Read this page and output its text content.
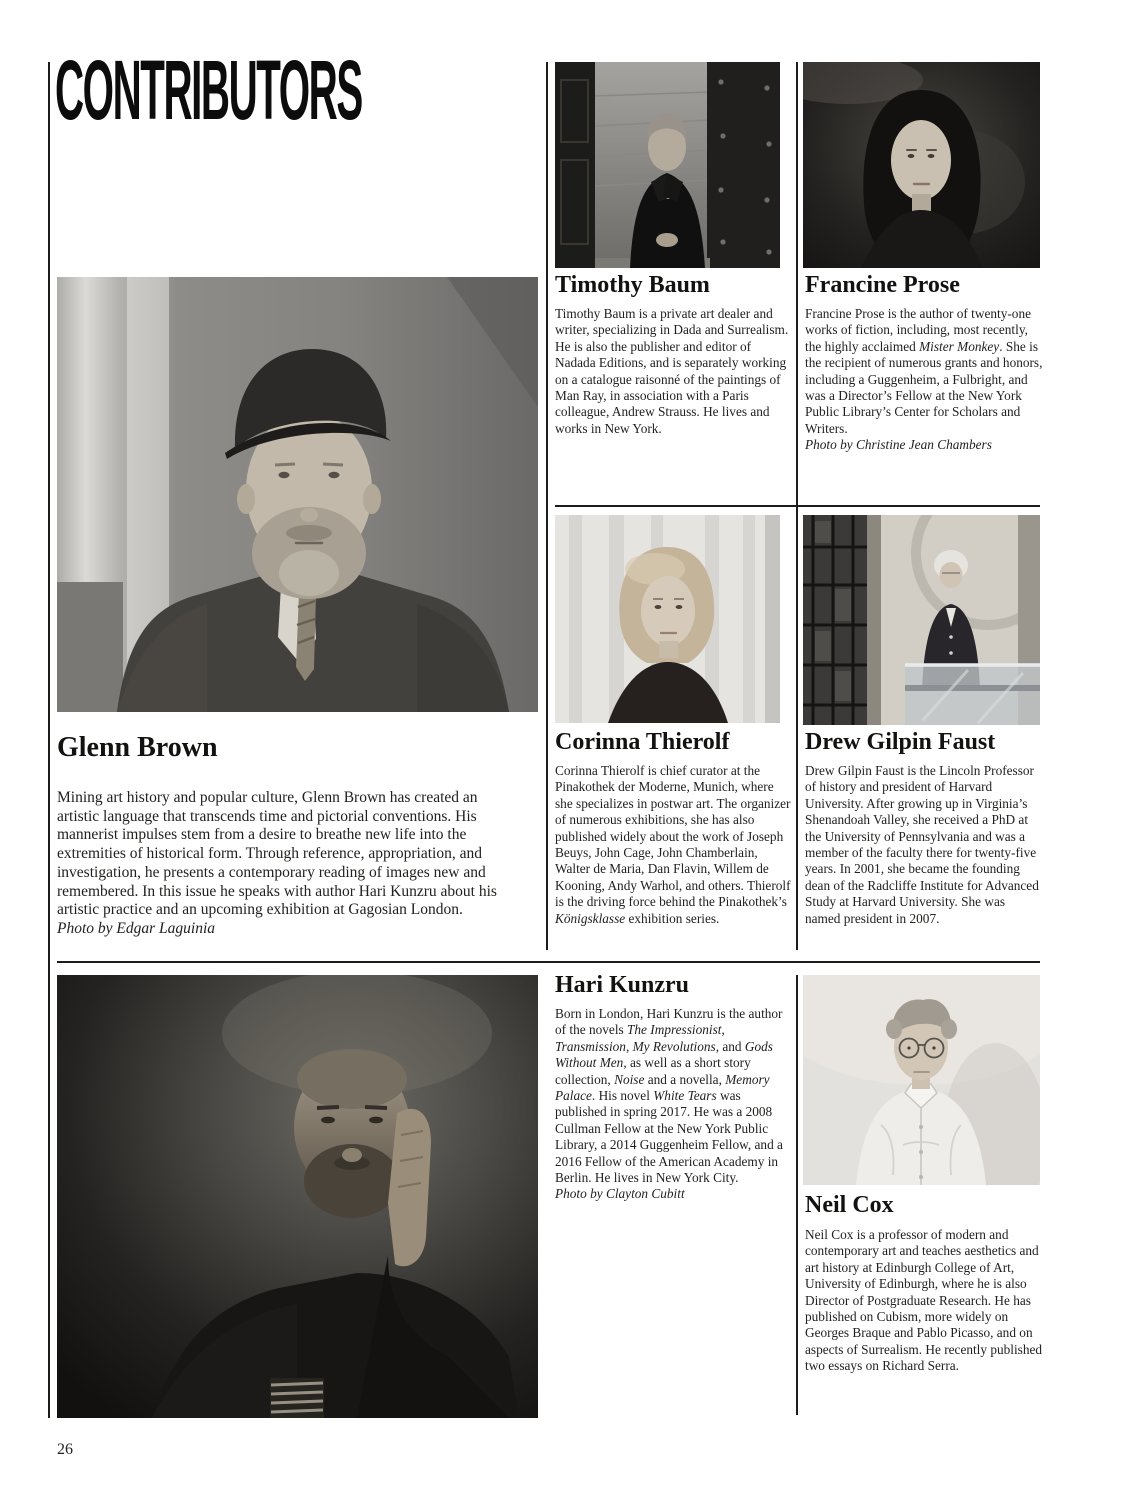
CONTRIBUTORS
Timothy Baum
Timothy Baum is a private art dealer and writer, specializing in Dada and Surrealism. He is also the publisher and editor of Nadada Editions, and is separately working on a catalogue raisonné of the paintings of Man Ray, in association with a Paris colleague, Andrew Strauss. He lives and works in New York.
Francine Prose
Francine Prose is the author of twenty-one works of fiction, including, most recently, the highly acclaimed Mister Monkey. She is the recipient of numerous grants and honors, including a Guggenheim, a Fulbright, and was a Director’s Fellow at the New York Public Library’s Center for Scholars and Writers.
Photo by Christine Jean Chambers
Glenn Brown
Mining art history and popular culture, Glenn Brown has created an artistic language that transcends time and pictorial conventions. His mannerist impulses stem from a desire to breathe new life into the extremities of historical form. Through reference, appropriation, and investigation, he presents a contemporary reading of images new and remembered. In this issue he speaks with author Hari Kunzru about his artistic practice and an upcoming exhibition at Gagosian London.
Photo by Edgar Laguinia
Corinna Thierolf
Corinna Thierolf is chief curator at the Pinakothek der Moderne, Munich, where she specializes in postwar art. The organizer of numerous exhibitions, she has also published widely about the work of Joseph Beuys, John Cage, John Chamberlain, Walter de Maria, Dan Flavin, Willem de Kooning, Andy Warhol, and others. Thierolf is the driving force behind the Pinakothek’s Königsklasse exhibition series.
Drew Gilpin Faust
Drew Gilpin Faust is the Lincoln Professor of history and president of Harvard University. After growing up in Virginia’s Shenandoah Valley, she received a PhD at the University of Pennsylvania and was a member of the faculty there for twenty-five years. In 2001, she became the founding dean of the Radcliffe Institute for Advanced Study at Harvard University. She was named president in 2007.
Hari Kunzru
Born in London, Hari Kunzru is the author of the novels The Impressionist, Transmission, My Revolutions, and Gods Without Men, as well as a short story collection, Noise and a novella, Memory Palace. His novel White Tears was published in spring 2017. He was a 2008 Cullman Fellow at the New York Public Library, a 2014 Guggenheim Fellow, and a 2016 Fellow of the American Academy in Berlin. He lives in New York City.
Photo by Clayton Cubitt	Neil Cox
Neil Cox is a professor of modern and contemporary art and teaches aesthetics and art history at Edinburgh College of Art, University of Edinburgh, where he is also Director of Postgraduate Research. He has published on Cubism, more widely on Georges Braque and Pablo Picasso, and on aspects of Surrealism. He recently published two essays on Richard Serra.
26
